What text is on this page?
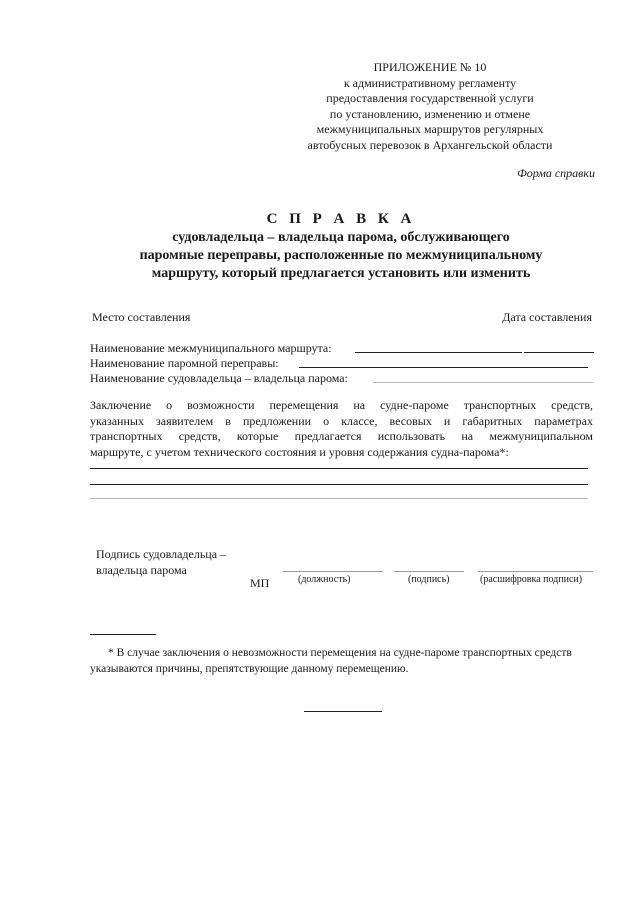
ПРИЛОЖЕНИЕ № 10
к административному регламенту
предоставления государственной услуги
по установлению, изменению и отмене
межмуниципальных маршрутов регулярных
автобусных перевозок в Архангельской области
Форма справки
С П Р А В К А
судовладельца – владельца парома, обслуживающего
паромные переправы, расположенные по межмуниципальному
маршруту, который предлагается установить или изменить
Место составления	Дата составления
Наименование межмуниципального маршрута:
Наименование паромной переправы:
Наименование судовладельца – владельца парома:
Заключение о возможности перемещения на судне-пароме транспортных средств,
указанных заявителем в предложении о классе, весовых и габаритных параметрах
транспортных средств, которые предлагается использовать на межмуниципальном
маршруте, с учетом технического состояния и уровня содержания судна-парома*:
Подпись судовладельца –
владельца парома
МП	(должность)	(подпись)	(расшифровка подписи)
* В случае заключения о невозможности перемещения на судне-пароме транспортных средств
указываются причины, препятствующие данному перемещению.
